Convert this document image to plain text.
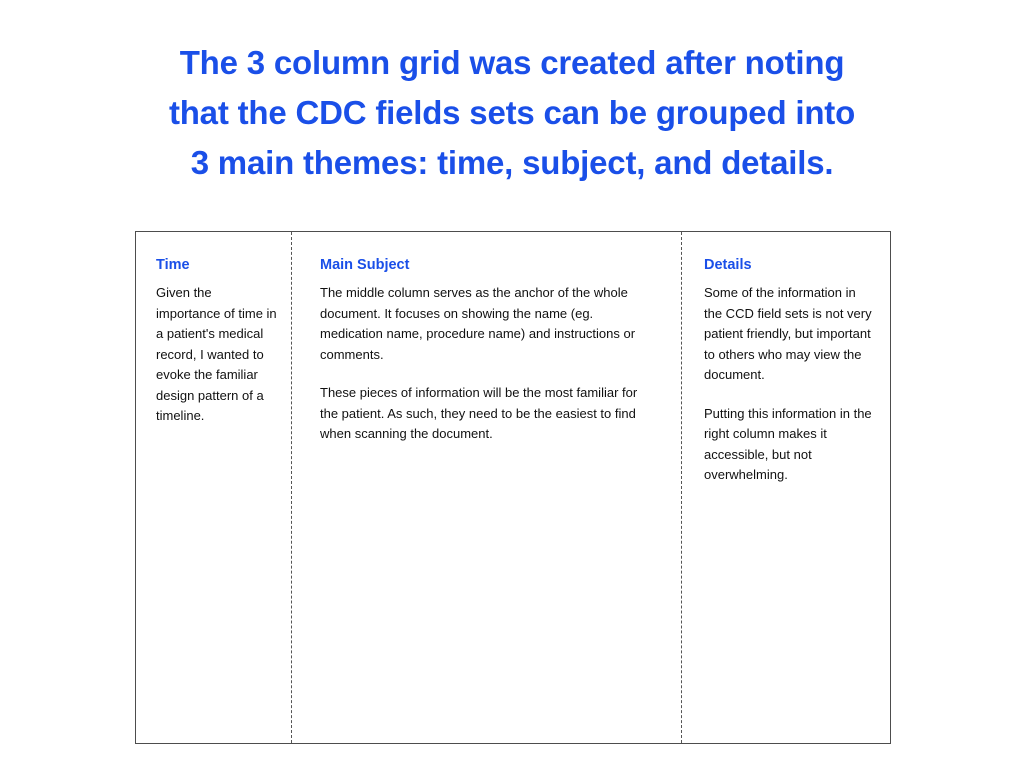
The 3 column grid was created after noting
that the CDC fields sets can be grouped into
3 main themes: time, subject, and details.
Time

Given the importance of time in a patient's medical record, I wanted to evoke the familiar design pattern of a timeline.

Main Subject

The middle column serves as the anchor of the whole document. It focuses on showing the name (eg. medication name, procedure name) and instructions or comments.

These pieces of information will be the most familiar for the patient. As such, they need to be the easiest to find when scanning the document.

Details

Some of the information in the CCD field sets is not very patient friendly, but important to others who may view the document.

Putting this information in the right column makes it accessible, but not overwhelming.
